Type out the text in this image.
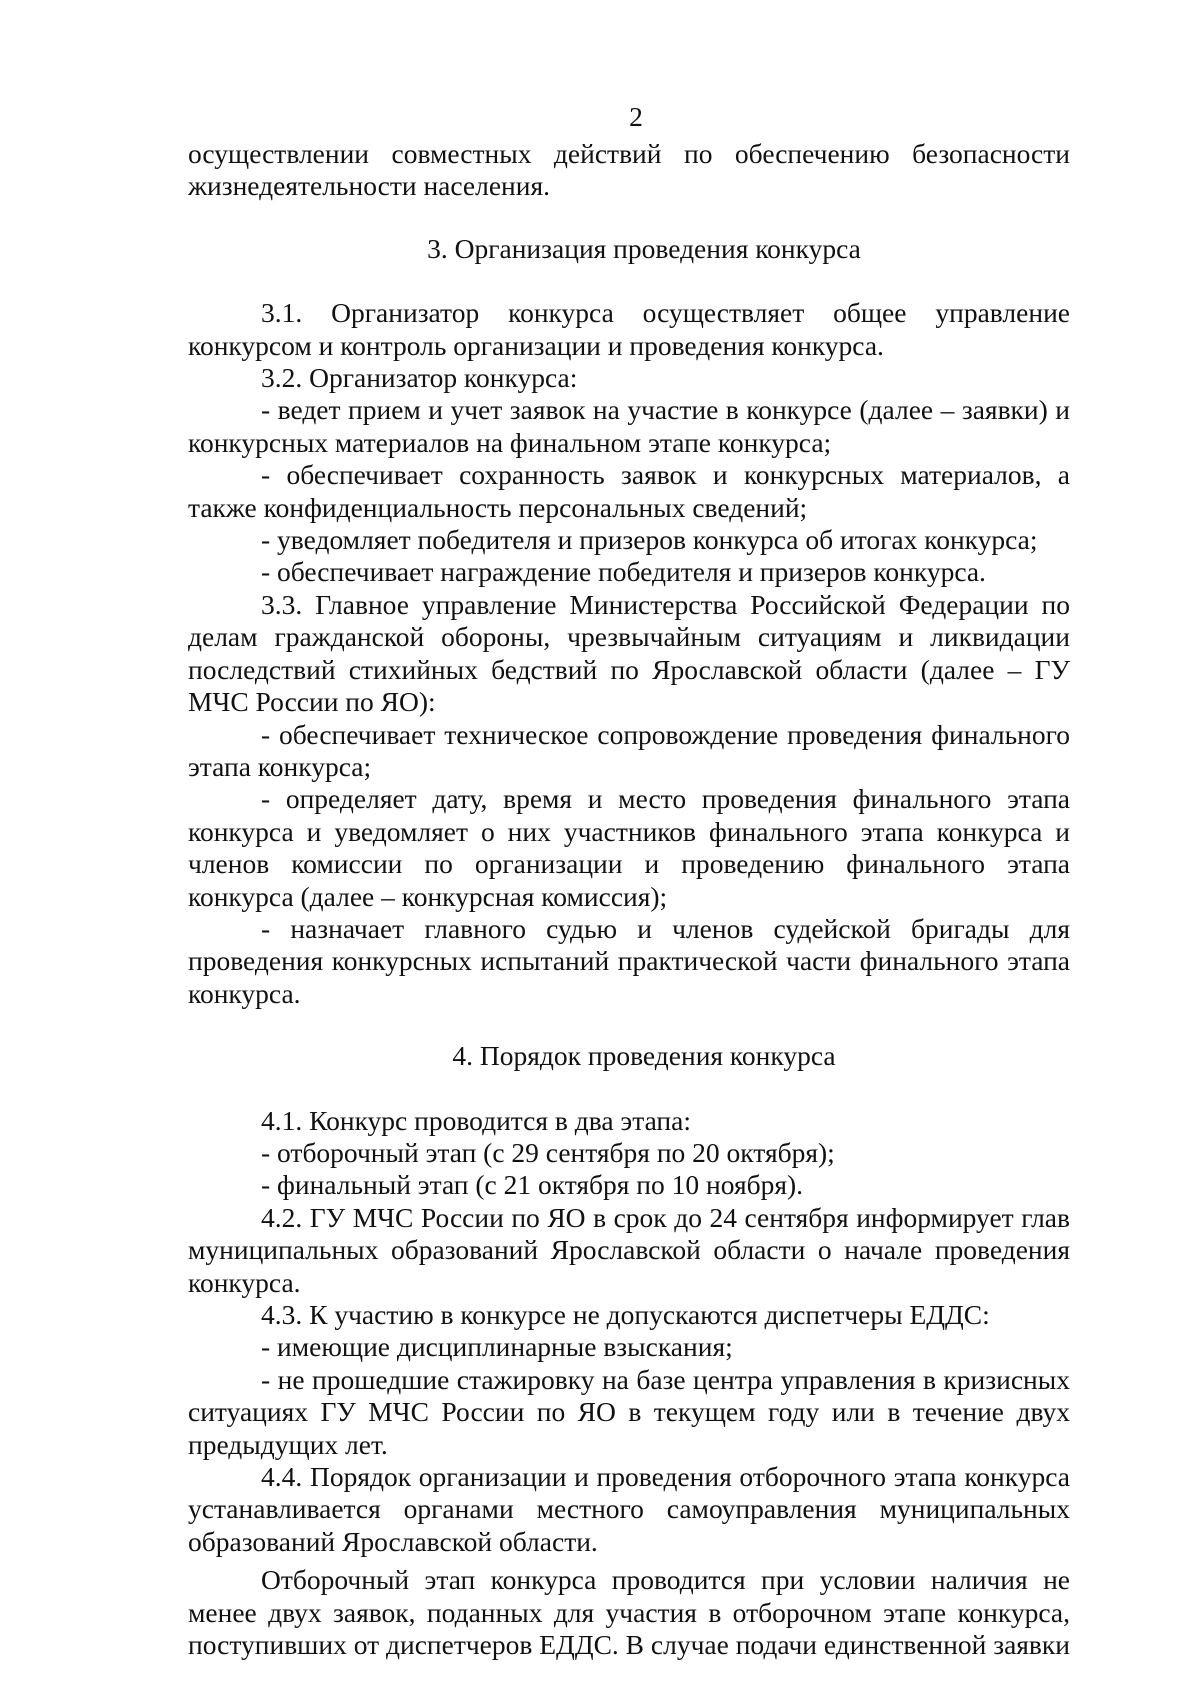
2

осуществлении совместных действий по обеспечению безопасности жизнедеятельности населения.

3. Организация проведения конкурса

3.1. Организатор конкурса осуществляет общее управление конкурсом и контроль организации и проведения конкурса.

3.2. Организатор конкурса:

- ведет прием и учет заявок на участие в конкурсе (далее – заявки) и конкурсных материалов на финальном этапе конкурса;

- обеспечивает сохранность заявок и конкурсных материалов, а также конфиденциальность персональных сведений;

- уведомляет победителя и призеров конкурса об итогах конкурса;

- обеспечивает награждение победителя и призеров конкурса.

3.3. Главное управление Министерства Российской Федерации по делам гражданской обороны, чрезвычайным ситуациям и ликвидации последствий стихийных бедствий по Ярославской области (далее – ГУ МЧС России по ЯО):

- обеспечивает техническое сопровождение проведения финального этапа конкурса;

- определяет дату, время и место проведения финального этапа конкурса и уведомляет о них участников финального этапа конкурса и членов комиссии по организации и проведению финального этапа конкурса (далее – конкурсная комиссия);

- назначает главного судью и членов судейской бригады для проведения конкурсных испытаний практической части финального этапа конкурса.

4. Порядок проведения конкурса

4.1. Конкурс проводится в два этапа:

- отборочный этап (с 29 сентября по 20 октября);

- финальный этап (с 21 октября по 10 ноября).

4.2. ГУ МЧС России по ЯО в срок до 24 сентября информирует глав муниципальных образований Ярославской области о начале проведения конкурса.

4.3. К участию в конкурсе не допускаются диспетчеры ЕДДС:

- имеющие дисциплинарные взыскания;

- не прошедшие стажировку на базе центра управления в кризисных ситуациях ГУ МЧС России по ЯО в текущем году или в течение двух предыдущих лет.

4.4. Порядок организации и проведения отборочного этапа конкурса устанавливается органами местного самоуправления муниципальных образований Ярославской области.

Отборочный этап конкурса проводится при условии наличия не менее двух заявок, поданных для участия в отборочном этапе конкурса, поступивших от диспетчеров ЕДДС. В случае подачи единственной заявки
